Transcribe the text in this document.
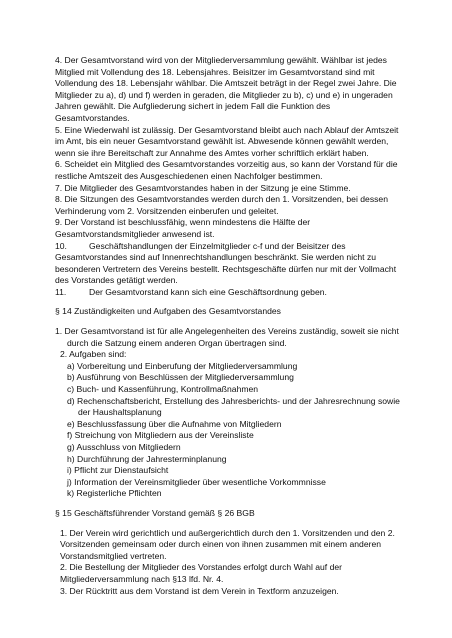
4. Der Gesamtvorstand wird von der Mitgliederversammlung gewählt. Wählbar ist jedes Mitglied mit Vollendung des 18. Lebensjahres. Beisitzer im Gesamtvorstand sind mit Vollendung des 18. Lebensjahr wählbar. Die Amtszeit beträgt in der Regel zwei Jahre. Die Mitglieder zu a), d) und f) werden in geraden, die Mitglieder zu b), c) und e) in ungeraden Jahren gewählt. Die Aufgliederung sichert in jedem Fall die Funktion des Gesamtvorstandes.

5. Eine Wiederwahl ist zulässig. Der Gesamtvorstand bleibt auch nach Ablauf der Amtszeit im Amt, bis ein neuer Gesamtvorstand gewählt ist. Abwesende können gewählt werden, wenn sie ihre Bereitschaft zur Annahme des Amtes vorher schriftlich erklärt haben.

6. Scheidet ein Mitglied des Gesamtvorstandes vorzeitig aus, so kann der Vorstand für die restliche Amtszeit des Ausgeschiedenen einen Nachfolger bestimmen.

7. Die Mitglieder des Gesamtvorstandes haben in der Sitzung je eine Stimme.

8. Die Sitzungen des Gesamtvorstandes werden durch den 1. Vorsitzenden, bei dessen Verhinderung vom 2. Vorsitzenden einberufen und geleitet.

9. Der Vorstand ist beschlussfähig, wenn mindestens die Hälfte der Gesamtvorstandsmitglieder anwesend ist.

10.	Geschäftshandlungen der Einzelmitglieder c-f und der Beisitzer des Gesamtvorstandes sind auf Innenrechtshandlungen beschränkt. Sie werden nicht zu besonderen Vertretern des Vereins bestellt. Rechtsgeschäfte dürfen nur mit der Vollmacht des Vorstandes getätigt werden.

11.	Der Gesamtvorstand kann sich eine Geschäftsordnung geben.

§ 14 Zuständigkeiten und Aufgaben des Gesamtvorstandes

1. Der Gesamtvorstand ist für alle Angelegenheiten des Vereins zuständig, soweit sie nicht durch die Satzung einem anderen Organ übertragen sind.

2. Aufgaben sind:

a) Vorbereitung und Einberufung der Mitgliederversammlung
b) Ausführung von Beschlüssen der Mitgliederversammlung
c) Buch- und Kassenführung, Kontrollmaßnahmen
d) Rechenschaftsbericht, Erstellung des Jahresberichts- und der Jahresrechnung sowie der Haushaltsplanung
e) Beschlussfassung über die Aufnahme von Mitgliedern
f) Streichung von Mitgliedern aus der Vereinsliste
g) Ausschluss von Mitgliedern
h) Durchführung der Jahresterminplanung
i) Pflicht zur Dienstaufsicht
j) Information der Vereinsmitglieder über wesentliche Vorkommnisse
k) Registerliche Pflichten

§ 15 Geschäftsführender Vorstand gemäß § 26 BGB

1. Der Verein wird gerichtlich und außergerichtlich durch den 1. Vorsitzenden und den 2. Vorsitzenden gemeinsam oder durch einen von ihnen zusammen mit einem anderen Vorstandsmitglied vertreten.

2. Die Bestellung der Mitglieder des Vorstandes erfolgt durch Wahl auf der Mitgliederversammlung nach §13 lfd. Nr. 4.

3. Der Rücktritt aus dem Vorstand ist dem Verein in Textform anzuzeigen.
